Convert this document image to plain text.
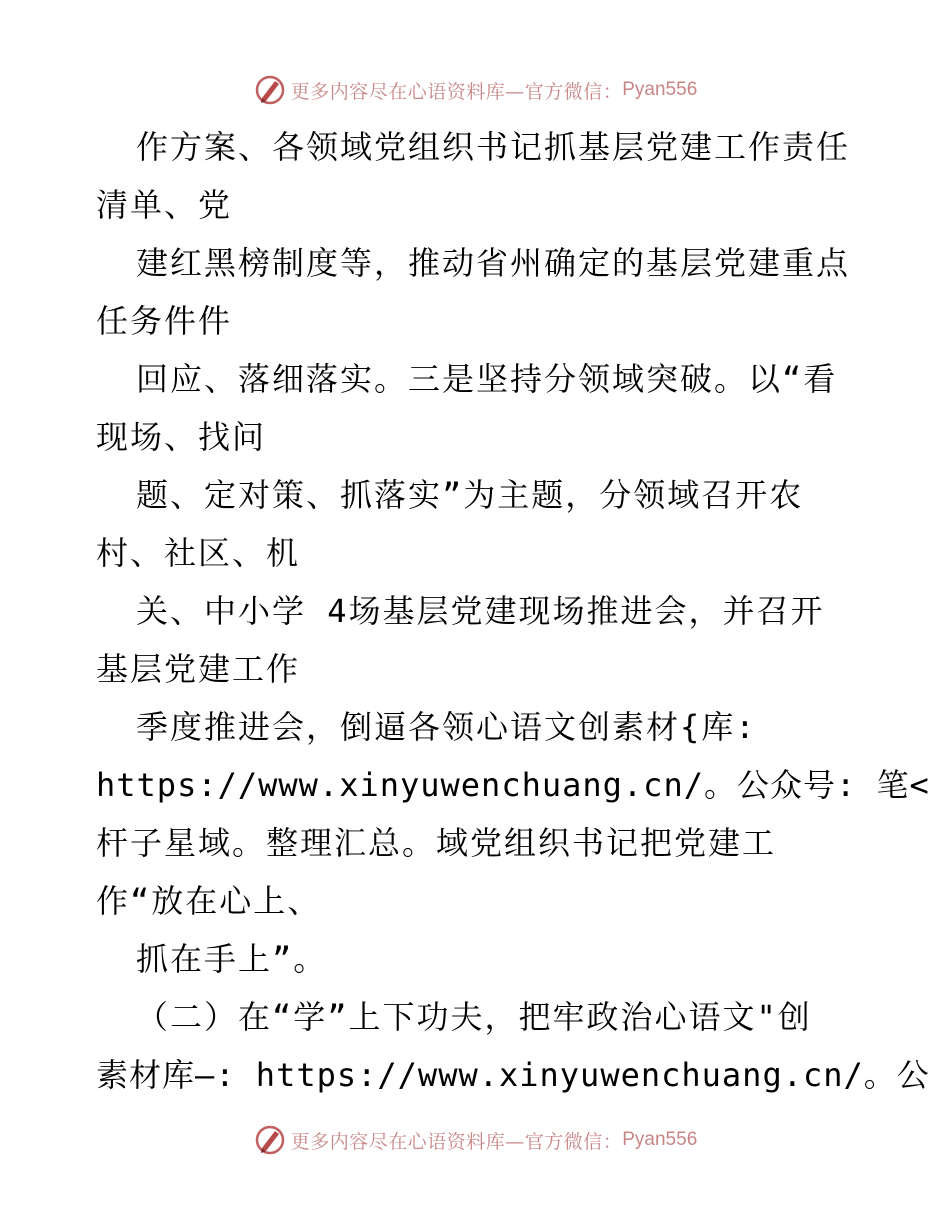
更多内容尽在心语资料库—官方微信： Pyan556
作方案、各领域党组织书记抓基层党建工作责任
清单、党
建红黑榜制度等，推动省州确定的基层党建重点
任务件件
回应、落细落实。三是坚持分领域突破。以“看
现场、找问
题、定对策、抓落实”为主题，分领域召开农
村、社区、机
关、中小学 4场基层党建现场推进会，并召开
基层党建工作
季度推进会，倒逼各领心语文创素材{库:
https://www.xinyuwenchuang.cn/。公众号: 笔<
杆子星域。整理汇总。域党组织书记把党建工
作“放在心上、
抓在手上”。
（二）在“学”上下功夫，把牢政治心语文"创
素材库—: https://www.xinyuwenchuang.cn/。公
更多内容尽在心语资料库—官方微信： Pyan556
